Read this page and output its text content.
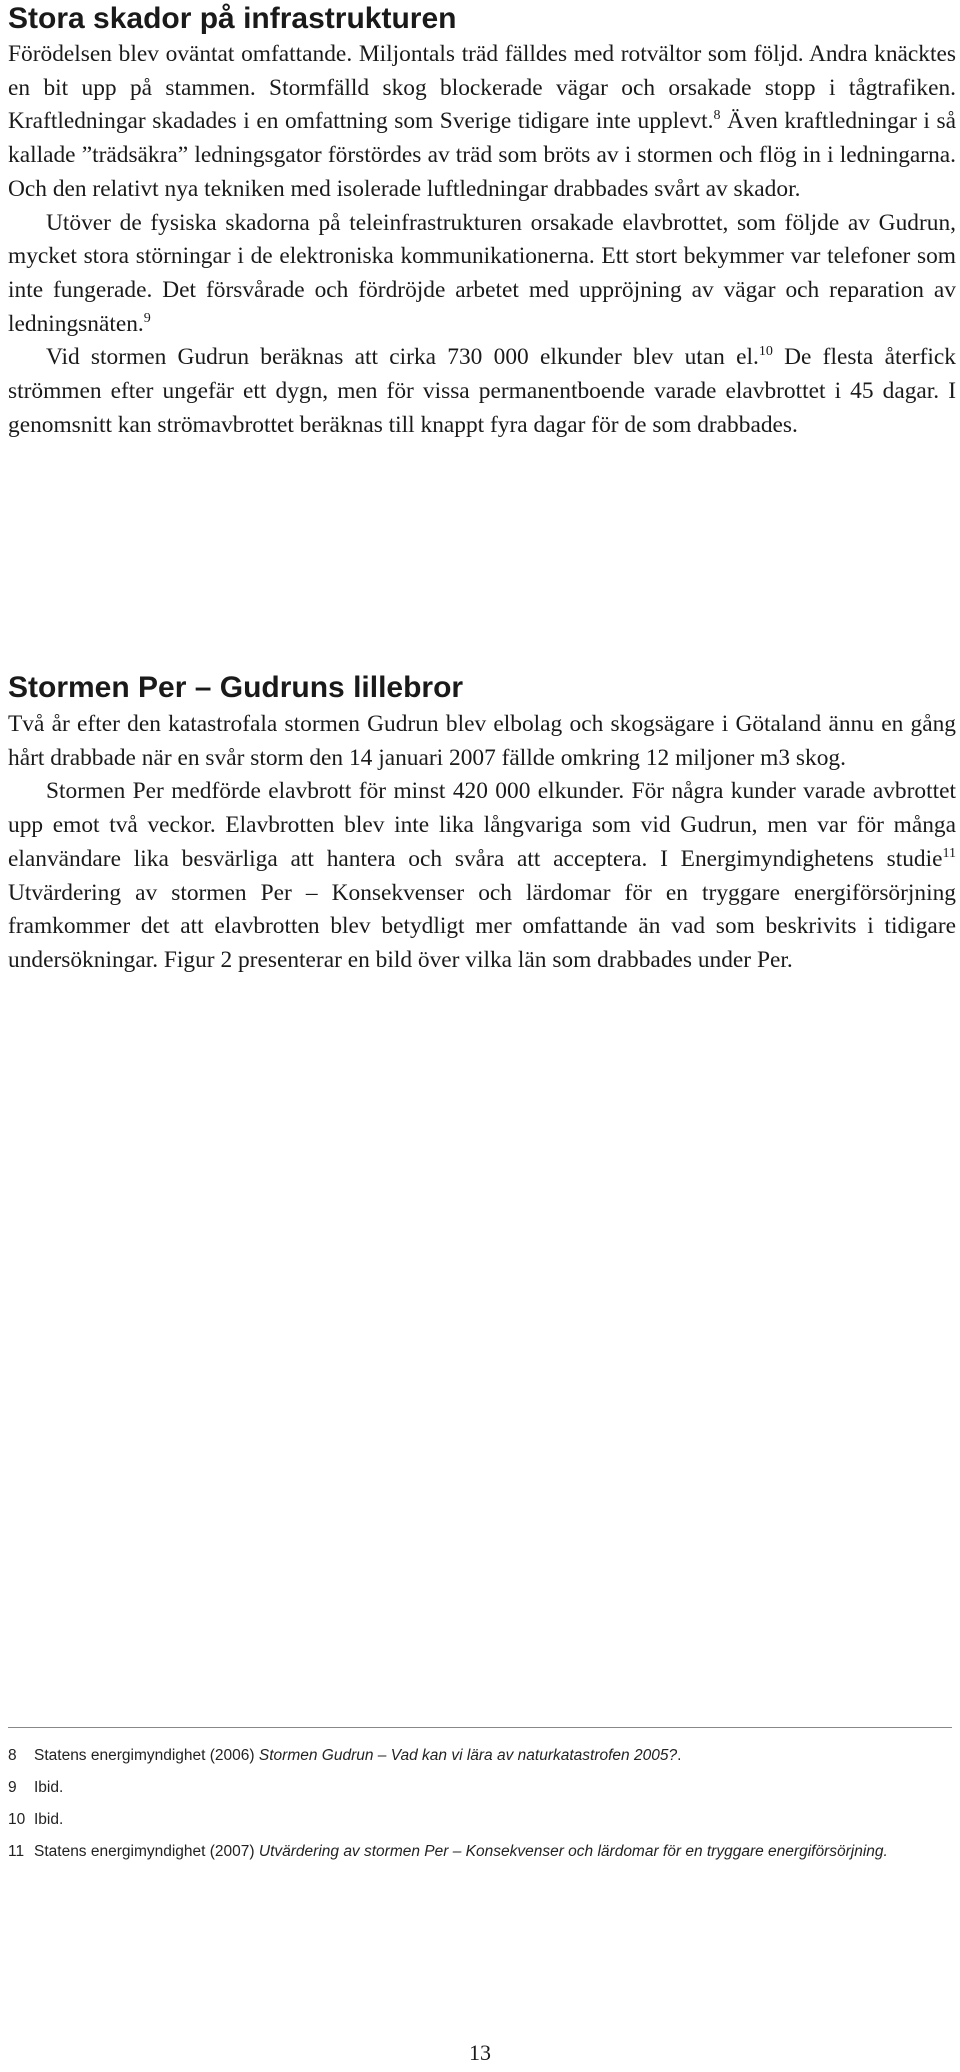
Stora skador på infrastrukturen

Förödelsen blev oväntat omfattande. Miljontals träd fälldes med rotvältor som följd. Andra knäcktes en bit upp på stammen. Stormfälld skog blockerade vägar och orsakade stopp i tågtrafiken. Kraftledningar skadades i en omfattning som Sverige tidigare inte upplevt.$^8$ Även kraftledningar i så kallade ”trädsäkra” ledningsgator förstördes av träd som bröts av i stormen och flög in i ledningarna. Och den relativt nya tekniken med isolerade luftledningar drabbades svårt av skador.

Utöver de fysiska skadorna på teleinfrastrukturen orsakade elavbrottet, som följde av Gudrun, mycket stora störningar i de elektroniska kommunikationerna. Ett stort bekymmer var telefoner som inte fungerade. Det försvårade och fördröjde arbetet med uppröjning av vägar och reparation av ledningsnäten.$^9$

Vid stormen Gudrun beräknas att cirka 730 000 elkunder blev utan el.$^{10}$ De flesta återfick strömmen efter ungefär ett dygn, men för vissa permanentboende varade elavbrottet i 45 dagar. I genomsnitt kan strömavbrottet beräknas till knappt fyra dagar för de som drabbades.

Stormen Per – Gudruns lillebror

Två år efter den katastrofala stormen Gudrun blev elbolag och skogsägare i Götaland ännu en gång hårt drabbade när en svår storm den 14 januari 2007 fällde omkring 12 miljoner m3 skog.

Stormen Per medförde elavbrott för minst 420 000 elkunder. För några kunder varade avbrottet upp emot två veckor. Elavbrotten blev inte lika långvariga som vid Gudrun, men var för många elanvändare lika besvärliga att hantera och svåra att acceptera. I Energimyndighetens studie$^{11}$ Utvärdering av stormen Per – Konsekvenser och lärdomar för en tryggare energiförsörjning framkommer det att elavbrotten blev betydligt mer omfattande än vad som beskrivits i tidigare undersökningar. Figur 2 presenterar en bild över vilka län som drabbades under Per.

8	Statens energimyndighet (2006) Stormen Gudrun – Vad kan vi lära av naturkatastrofen 2005?.
9	Ibid.
10 Ibid.
11 Statens energimyndighet (2007) Utvärdering av stormen Per – Konsekvenser och lärdomar för en tryggare energiförsörjning.
13
